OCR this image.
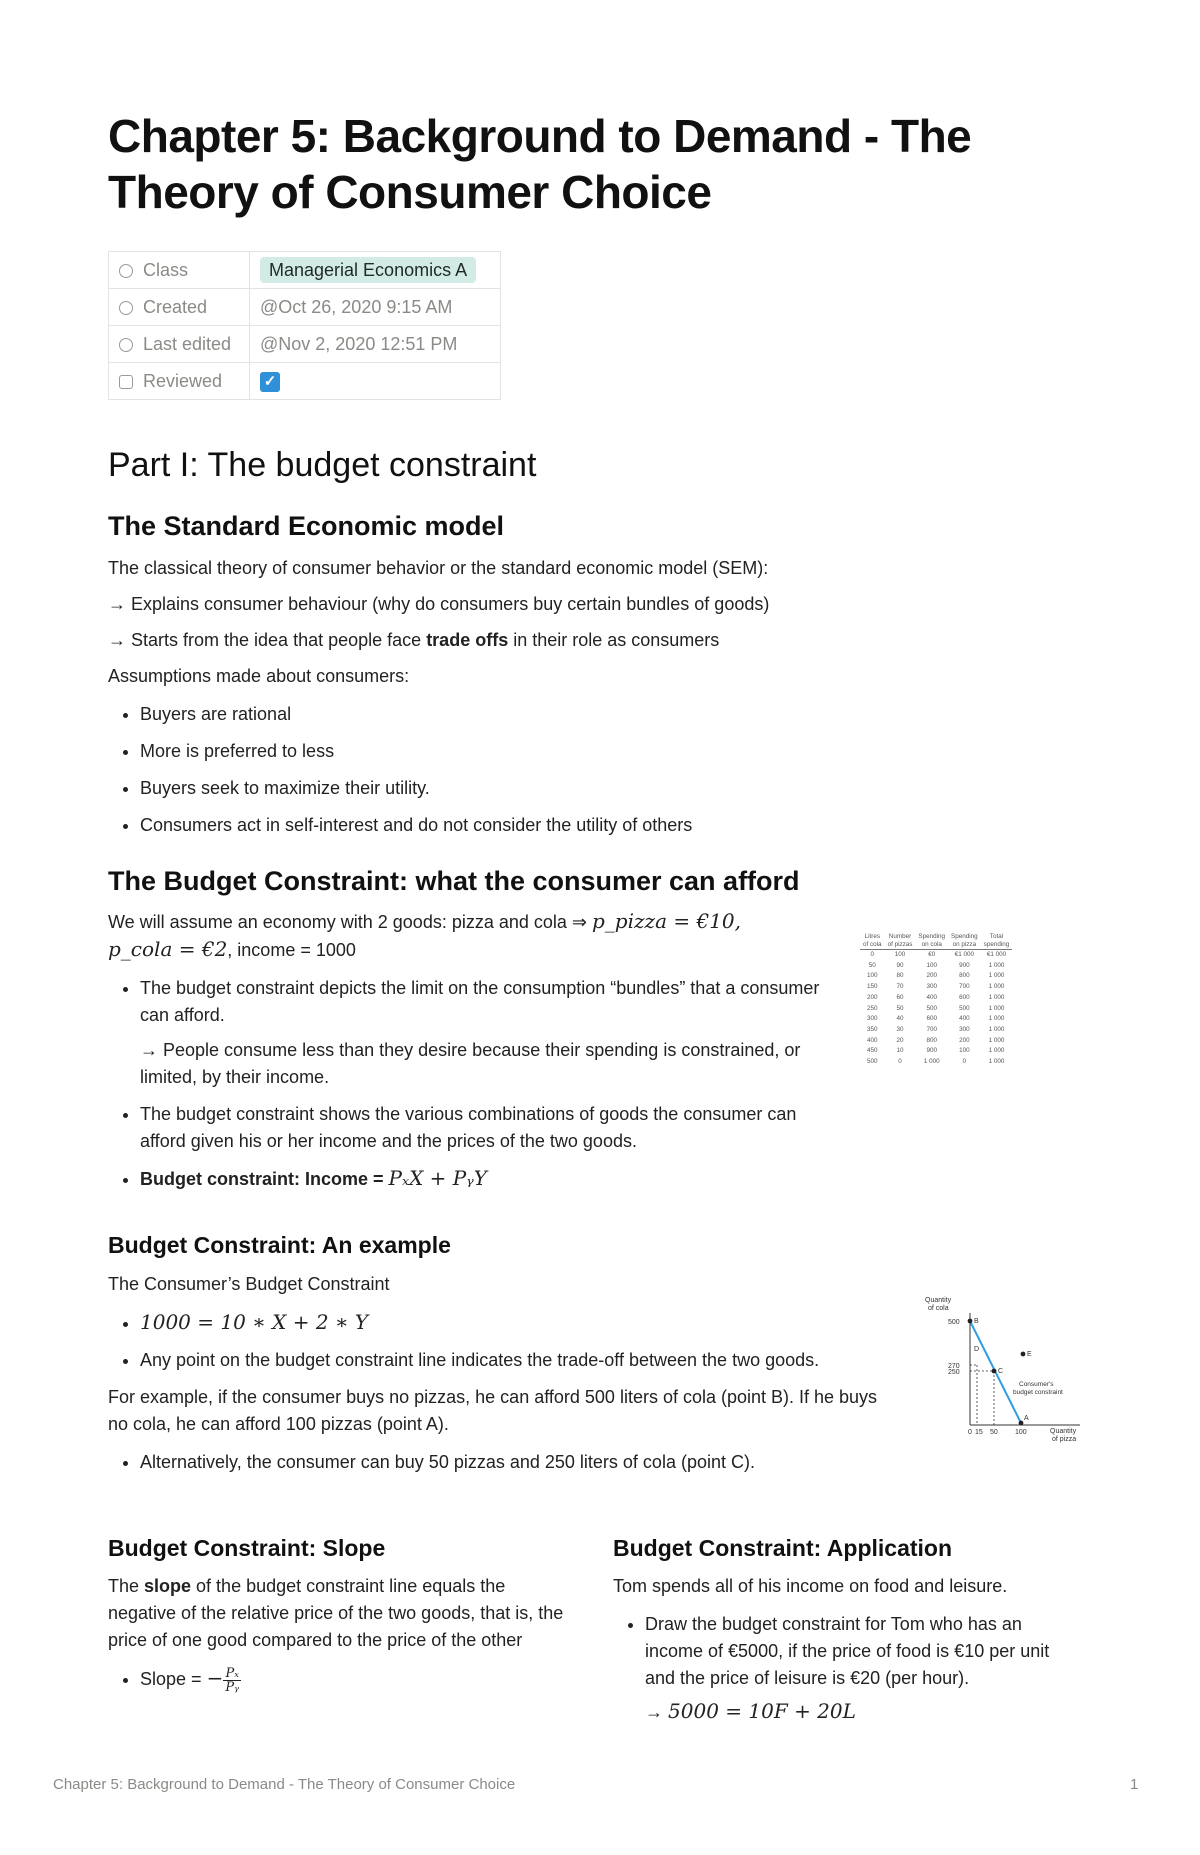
Chapter 5: Background to Demand - The Theory of Consumer Choice
Class	Managerial Economics A
Created	@Oct 26, 2020 9:15 AM
Last edited	@Nov 2, 2020 12:51 PM
Reviewed	✓
Part I: The budget constraint
The Standard Economic model

The classical theory of consumer behavior or the standard economic model (SEM):

→ Explains consumer behaviour (why do consumers buy certain bundles of goods)

→ Starts from the idea that people face trade offs in their role as consumers

Assumptions made about consumers:

• Buyers are rational
• More is preferred to less
• Buyers seek to maximize their utility.
• Consumers act in self-interest and do not consider the utility of others
The Budget Constraint: what the consumer can afford

We will assume an economy with 2 goods: pizza and cola ⇒ p_pizza = €10,
p_cola = €2, income = 1000

• The budget constraint depicts the limit on the consumption “bundles” that a consumer can afford.

→ People consume less than they desire because their spending is constrained, or limited, by their income.
• The budget constraint shows the various combinations of goods the consumer can afford given his or her income and the prices of the two goods.
• Budget constraint: Income = PₓX + PᵧY
Litres
of cola	Number
of pizzas	Spending
on cola	Spending
on pizza	Total
spending

0	100	€0	€1 000	€1 000
50	90	100	900	1 000
100	80	200	800	1 000
150	70	300	700	1 000
200	60	400	600	1 000
250	50	500	500	1 000
300	40	600	400	1 000
350	30	700	300	1 000
400	20	800	200	1 000
450	10	900	100	1 000
500	0	1 000	0	1 000
Budget Constraint: An example

The Consumer’s Budget Constraint

• 1000 = 10 ∗ X + 2 ∗ Y
• Any point on the budget constraint line indicates the trade-off between the two goods.

For example, if the consumer buys no pizzas, he can afford 500 liters of cola (point B). If he buys no cola, he can afford 100 pizzas (point A).

• Alternatively, the consumer can buy 50 pizzas and 250 liters of cola (point C).
Quantity
of cola
500
270
250
B
D
C
E
A
Consumer's
budget constraint
0 15 50 100	Quantity
of pizza
Budget Constraint: Slope

The slope of the budget constraint line equals the negative of the relative price of the two goods, that is, the price of one good compared to the price of the other

• Slope = − $\frac{\text{Pₓ}}{\text{Pᵧ}}$
Budget Constraint: Application

Tom spends all of his income on food and leisure.

• Draw the budget constraint for Tom who has an income of €5000, if the price of food is €10 per unit and the price of leisure is €20 (per hour).

→ 5000 = 10F + 20L
Chapter 5: Background to Demand - The Theory of Consumer Choice	1
